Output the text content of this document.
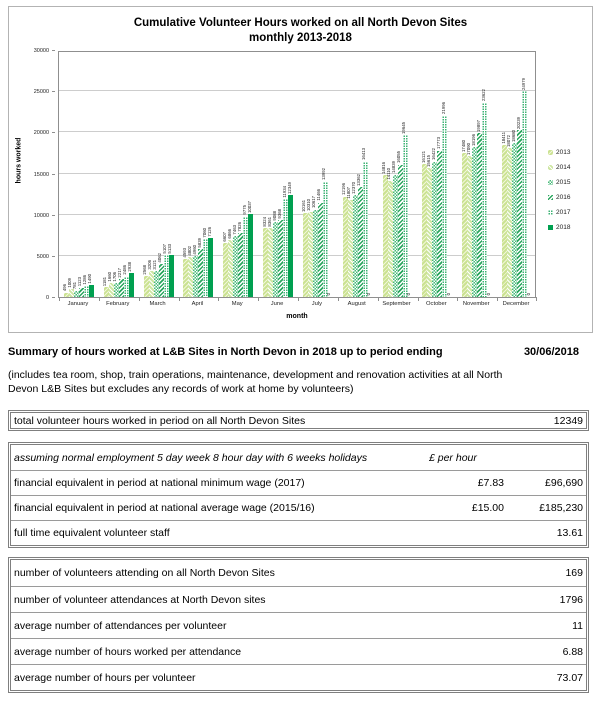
Cumulative Volunteer Hours worked on all North Devon Sites
monthly 2013-2018
0
5000
10000
15000
20000
25000
30000
hours worked
496
1009 781 1123 1286 1490 1181 1660 1706 2217 2486 2938 2568
3206 3121
4062
5107 5133 4593 4802 4960
5839
7060 7126 6607 6866
7463 7826
9775 10037
8324 8361
9088 9368
11934 12349
10161 10310 10617
11466
13992
0
12196 11807 12370
13362
16413
0
14816 14110
14839
16055
19645
0
16121 15615
16422
17773
21996
0
17480 17090
18196
19897
23622
0
18411 18072 18680
20239
24979
0
January	February	March	April	May	June	July	August	September	October	November	December
month
2013
2014
2015
2016
2017
2018
Summary of hours worked at L&B Sites in North Devon in 2018 up to period ending	30/06/2018
(includes tea room, shop, train operations, maintenance, development and renovation activities at all North Devon L&B Sites but excludes any records of work at home by volunteers)
total volunteer hours worked in period on all North Devon Sites	12349
assuming normal employment 5 day week 8 hour day with 6 weeks holidays	£ per hour
financial equivalent in period at national minimum wage (2017)	£7.83	£96,690
financial equivalent in period at national average wage (2015/16)	£15.00	£185,230
full time equivalent volunteer staff	13.61
number of volunteers attending on all North Devon Sites	169
number of volunteer attendances at North Devon sites	1796
average number of attendances per volunteer	11
average number of hours worked per attendance	6.88
average number of hours per volunteer	73.07
